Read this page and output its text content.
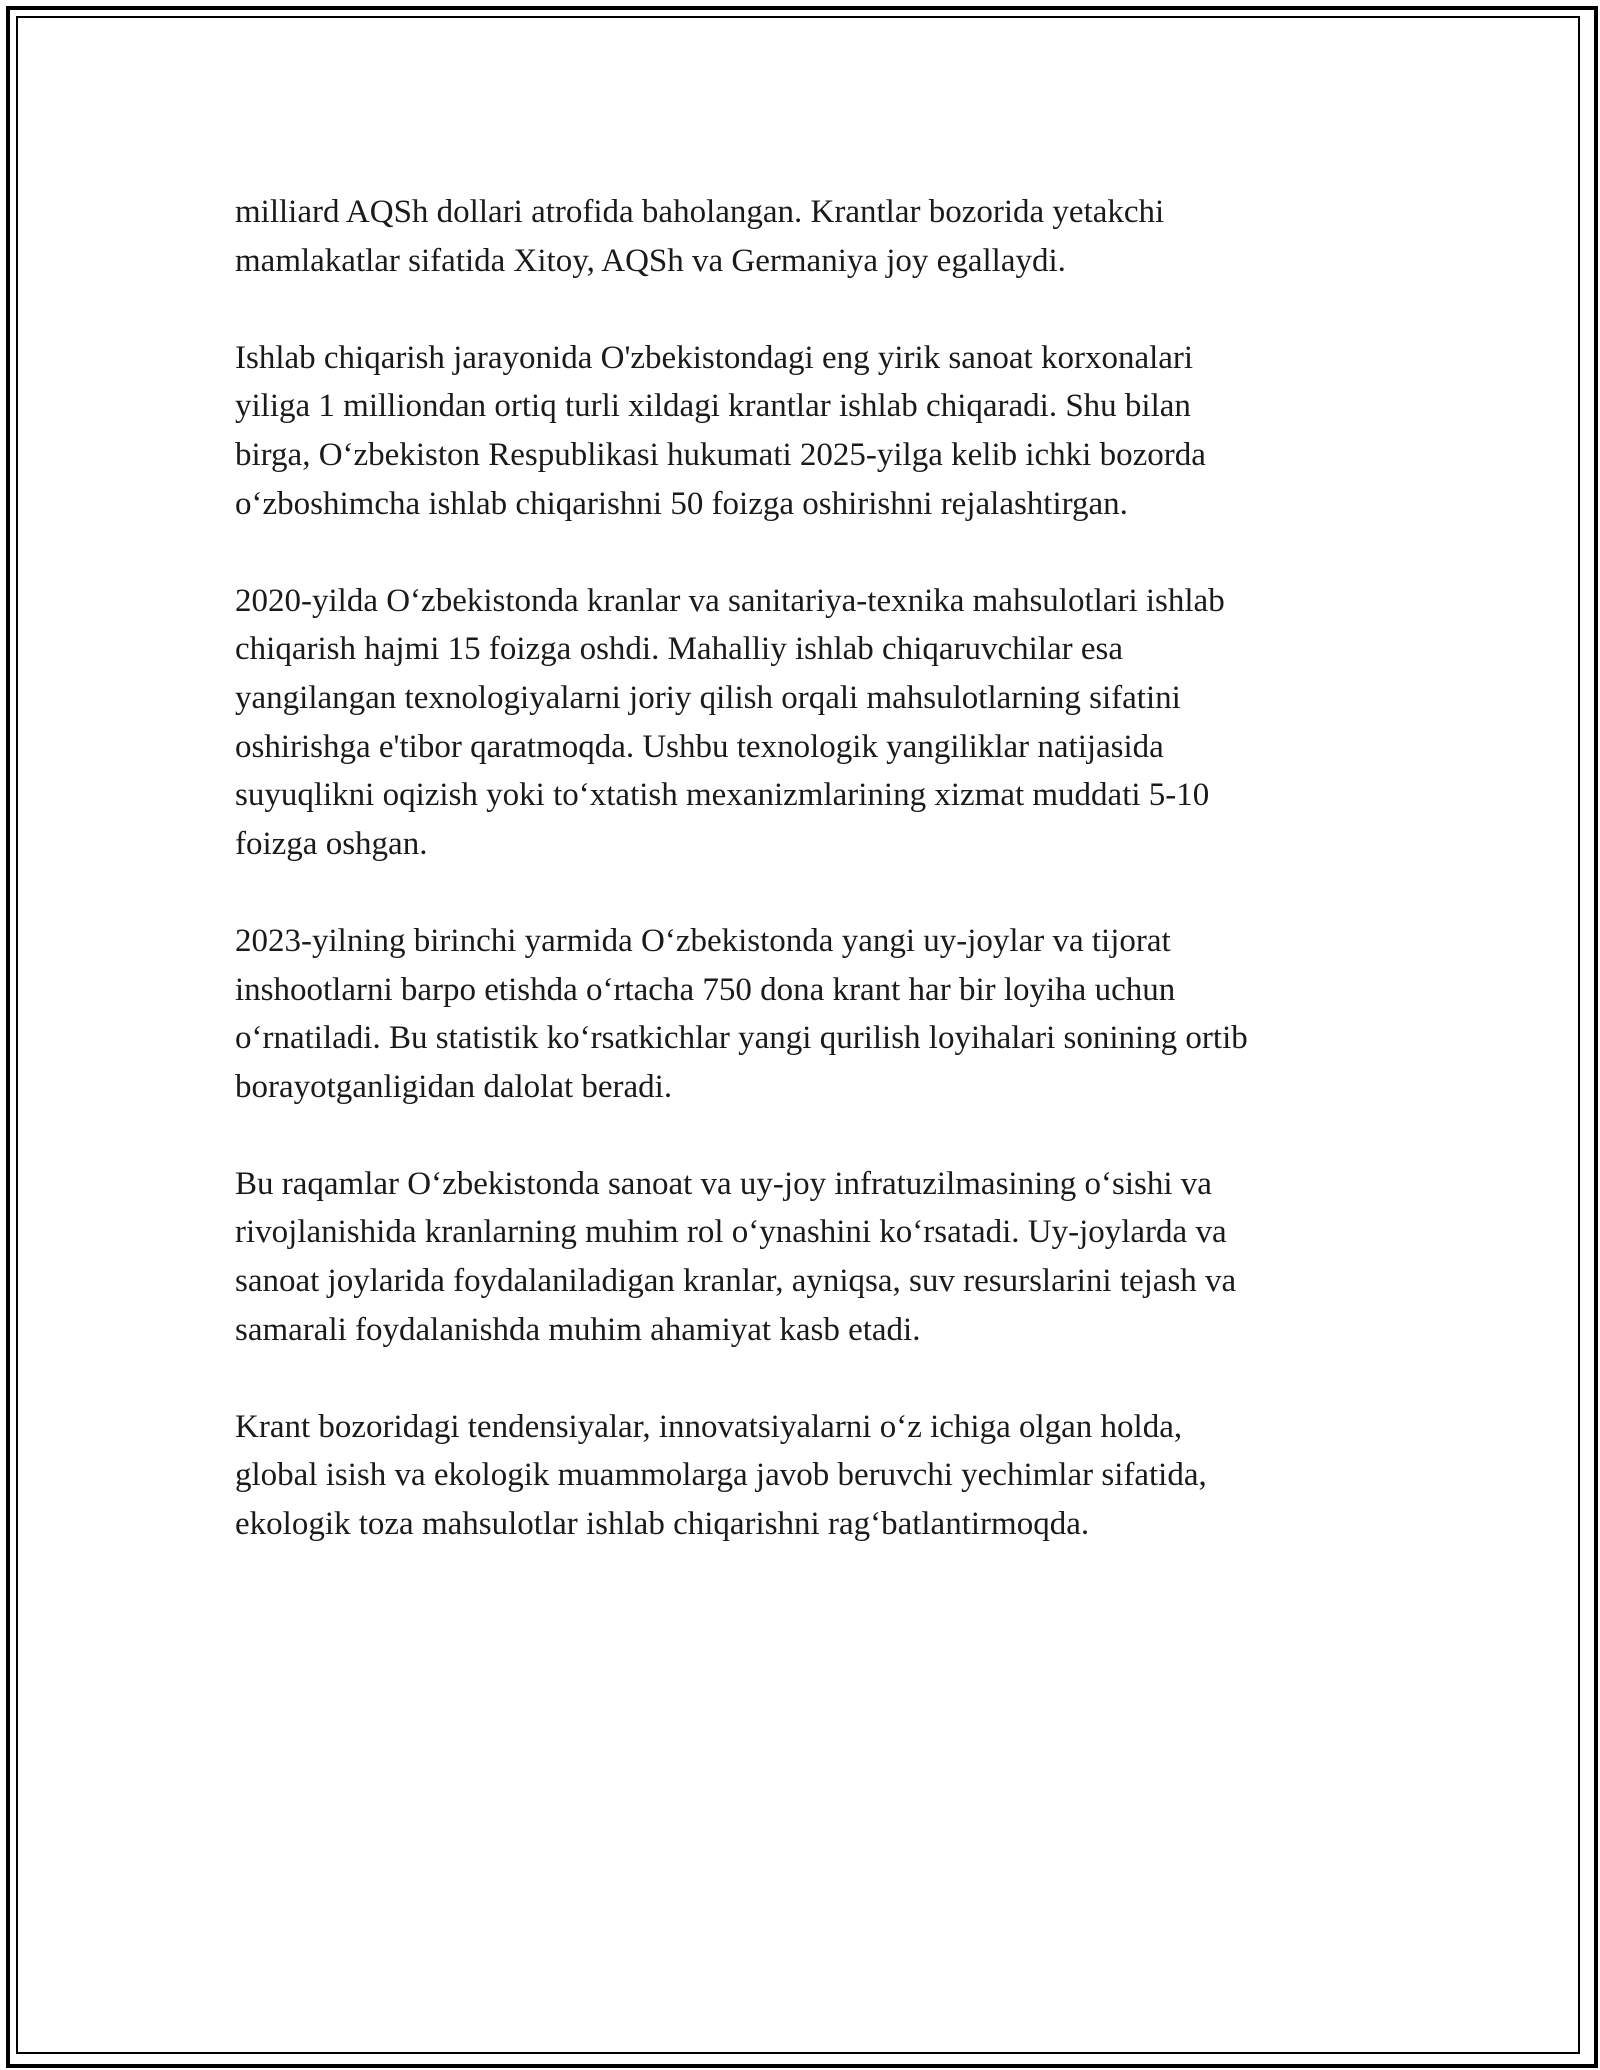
milliard AQSh dollari atrofida baholangan. Krantlar bozorida yetakchi
mamlakatlar sifatida Xitoy, AQSh va Germaniya joy egallaydi.

Ishlab chiqarish jarayonida O'zbekistondagi eng yirik sanoat korxonalari
yiliga 1 milliondan ortiq turli xildagi krantlar ishlab chiqaradi. Shu bilan
birga, O‘zbekiston Respublikasi hukumati 2025-yilga kelib ichki bozorda
o‘zboshimcha ishlab chiqarishni 50 foizga oshirishni rejalashtirgan.

2020-yilda O‘zbekistonda kranlar va sanitariya-texnika mahsulotlari ishlab
chiqarish hajmi 15 foizga oshdi. Mahalliy ishlab chiqaruvchilar esa
yangilangan texnologiyalarni joriy qilish orqali mahsulotlarning sifatini
oshirishga e'tibor qaratmoqda. Ushbu texnologik yangiliklar natijasida
suyuqlikni oqizish yoki to‘xtatish mexanizmlarining xizmat muddati 5-10
foizga oshgan.

2023-yilning birinchi yarmida O‘zbekistonda yangi uy-joylar va tijorat
inshootlarni barpo etishda o‘rtacha 750 dona krant har bir loyiha uchun
o‘rnatiladi. Bu statistik ko‘rsatkichlar yangi qurilish loyihalari sonining ortib
borayotganligidan dalolat beradi.

Bu raqamlar O‘zbekistonda sanoat va uy-joy infratuzilmasining o‘sishi va
rivojlanishida kranlarning muhim rol o‘ynashini ko‘rsatadi. Uy-joylarda va
sanoat joylarida foydalaniladigan kranlar, ayniqsa, suv resurslarini tejash va
samarali foydalanishda muhim ahamiyat kasb etadi.

Krant bozoridagi tendensiyalar, innovatsiyalarni o‘z ichiga olgan holda,
global isish va ekologik muammolarga javob beruvchi yechimlar sifatida,
ekologik toza mahsulotlar ishlab chiqarishni rag‘batlantirmoqda.
